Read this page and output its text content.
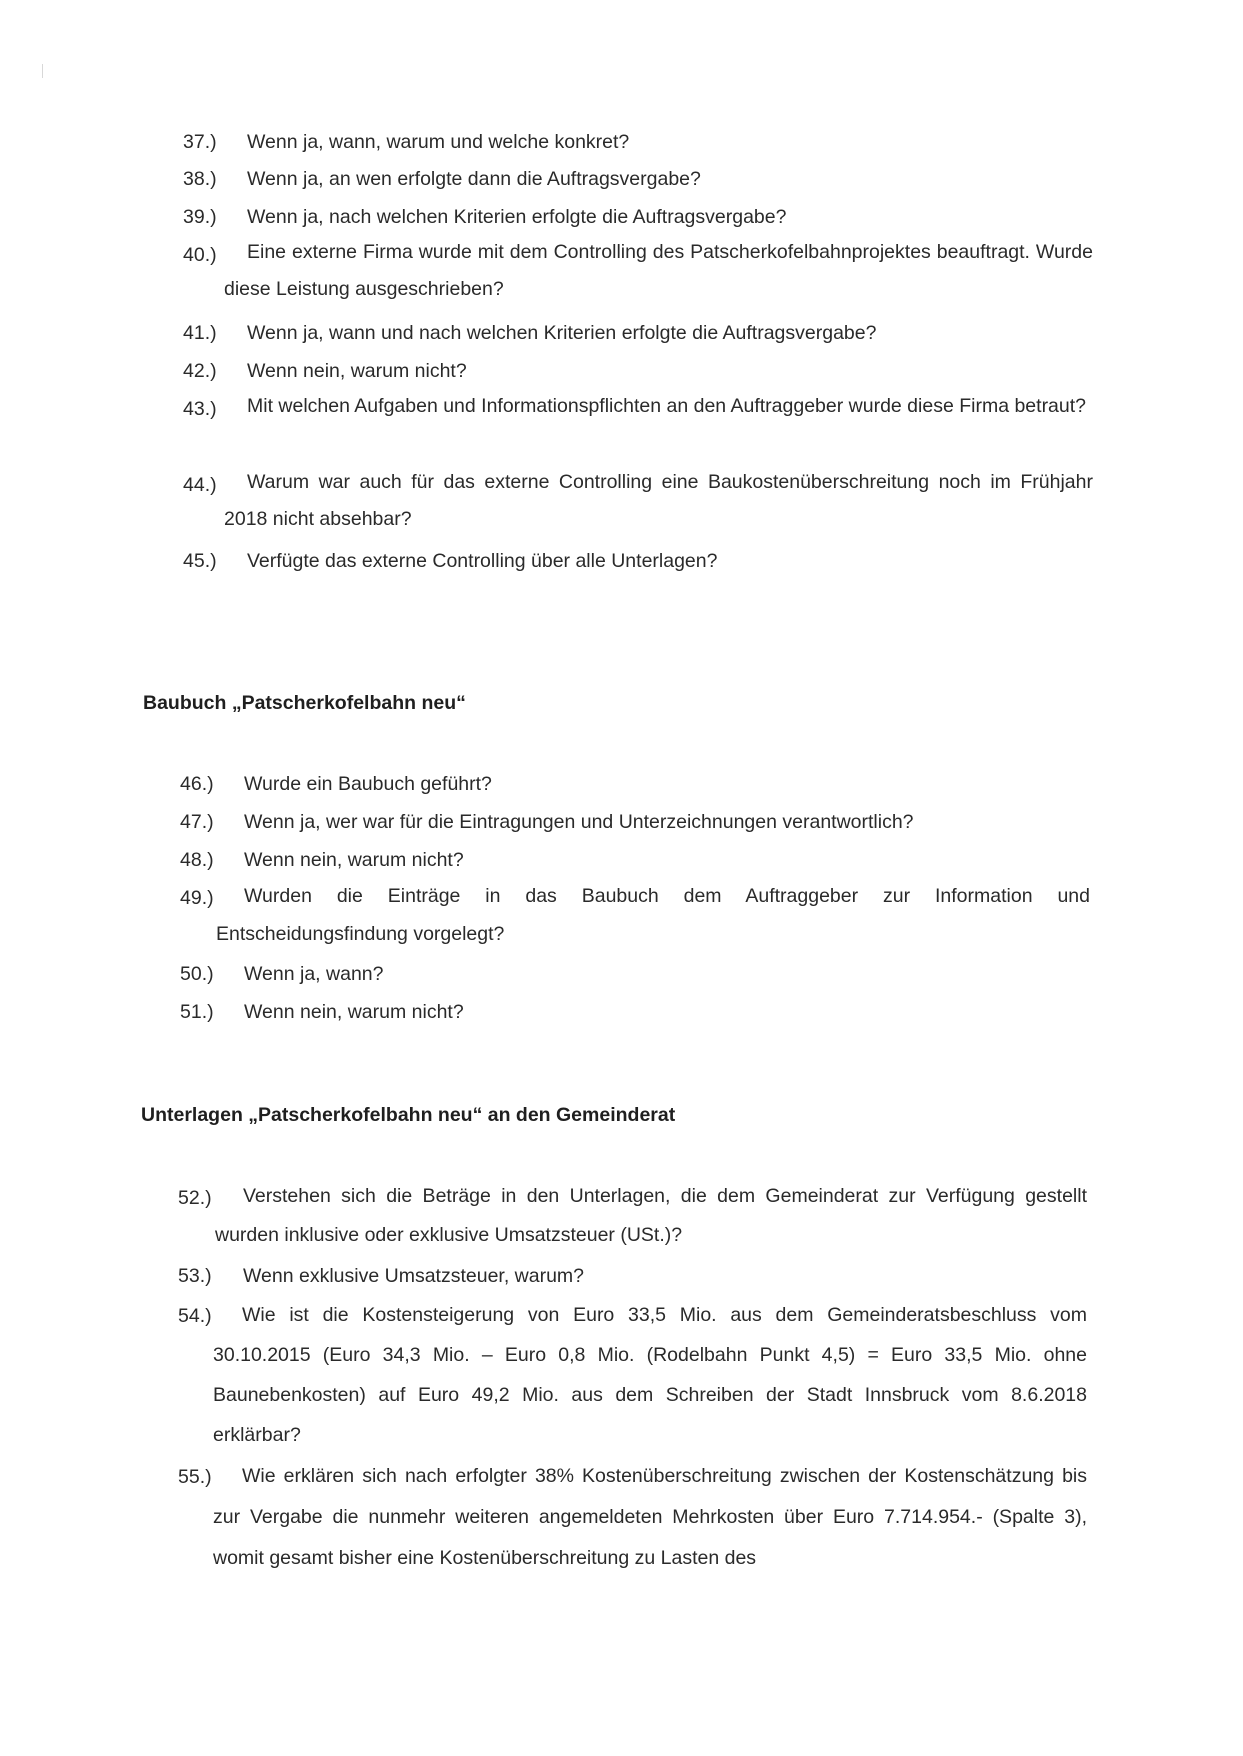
37.)	Wenn ja, wann, warum und welche konkret?
38.)	Wenn ja, an wen erfolgte dann die Auftragsvergabe?
39.)	Wenn ja, nach welchen Kriterien erfolgte die Auftragsvergabe?
40.)	Eine externe Firma wurde mit dem Controlling des Patscherkofelbahnprojektes beauftragt. Wurde diese Leistung ausgeschrieben?
41.)	Wenn ja, wann und nach welchen Kriterien erfolgte die Auftragsvergabe?
42.)	Wenn nein, warum nicht?
43.)	Mit welchen Aufgaben und Informationspflichten an den Auftraggeber wurde diese Firma betraut?
44.)	Warum war auch für das externe Controlling eine Baukostenüberschreitung noch im Frühjahr 2018 nicht absehbar?
45.)	Verfügte das externe Controlling über alle Unterlagen?
Baubuch „Patscherkofelbahn neu“
46.)	Wurde ein Baubuch geführt?
47.)	Wenn ja, wer war für die Eintragungen und Unterzeichnungen verantwortlich?
48.)	Wenn nein, warum nicht?
49.)	Wurden die Einträge in das Baubuch dem Auftraggeber zur Information und Entscheidungsfindung vorgelegt?
50.)	Wenn ja, wann?
51.)	Wenn nein, warum nicht?
Unterlagen „Patscherkofelbahn neu“ an den Gemeinderat
52.)	Verstehen sich die Beträge in den Unterlagen, die dem Gemeinderat zur Verfügung gestellt wurden inklusive oder exklusive Umsatzsteuer (USt.)?
53.)	Wenn exklusive Umsatzsteuer, warum?
54.)	Wie ist die Kostensteigerung von Euro 33,5 Mio. aus dem Gemeinderatsbeschluss vom 30.10.2015 (Euro 34,3 Mio. – Euro 0,8 Mio. (Rodelbahn Punkt 4,5) = Euro 33,5 Mio. ohne Baunebenkosten) auf Euro 49,2 Mio. aus dem Schreiben der Stadt Innsbruck vom 8.6.2018 erklärbar?
55.)	Wie erklären sich nach erfolgter 38% Kostenüberschreitung zwischen der Kostenschätzung bis zur Vergabe die nunmehr weiteren angemeldeten Mehrkosten über Euro 7.714.954.- (Spalte 3), womit gesamt bisher eine Kostenüberschreitung zu Lasten des
